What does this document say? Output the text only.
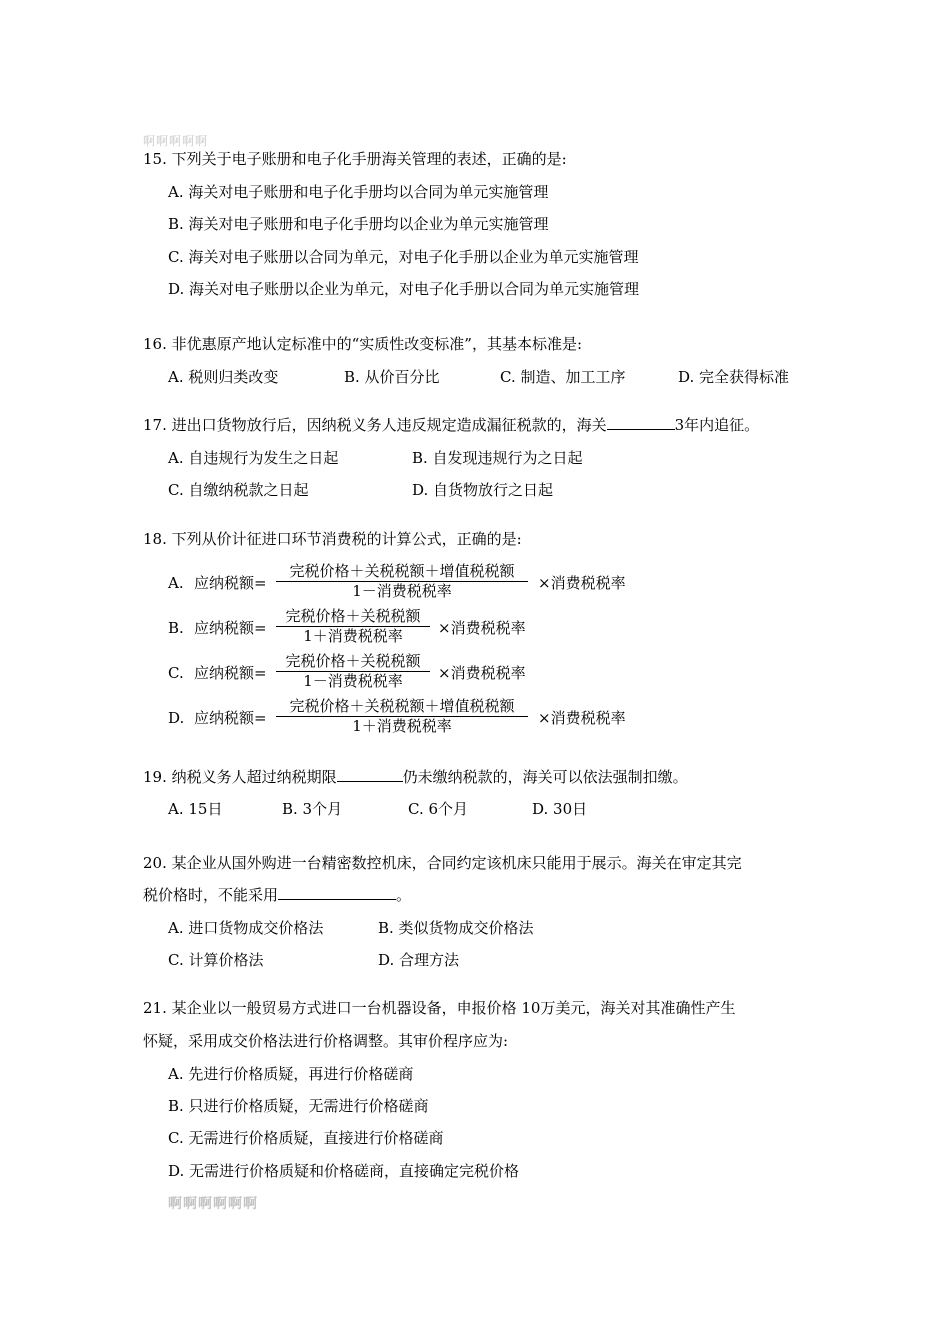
啊啊啊啊啊
15. 下列关于电子账册和电子化手册海关管理的表述，正确的是:
A. 海关对电子账册和电子化手册均以合同为单元实施管理
B. 海关对电子账册和电子化手册均以企业为单元实施管理
C. 海关对电子账册以合同为单元，对电子化手册以企业为单元实施管理
D. 海关对电子账册以企业为单元，对电子化手册以合同为单元实施管理
16. 非优惠原产地认定标准中的“实质性改变标准”，其基本标准是:
A. 税则归类改变	B. 从价百分比	C. 制造、加工工序	D. 完全获得标准
17. 进出口货物放行后，因纳税义务人违反规定造成漏征税款的，海关	3年内追征。
A. 自违规行为发生之日起	B. 自发现违规行为之日起
C. 自缴纳税款之日起	D. 自货物放行之日起
18. 下列从价计征进口环节消费税的计算公式，正确的是:
A. 应纳税额=
完税价格＋关税税额＋增值税税额
1－消费税税率	×消费税税率
B. 应纳税额=
完税价格＋关税税额
1＋消费税税率	×消费税税率
C. 应纳税额=
完税价格＋关税税额
1－消费税税率	×消费税税率
D. 应纳税额=
完税价格＋关税税额＋增值税税额
1＋消费税税率	×消费税税率
19. 纳税义务人超过纳税期限	仍未缴纳税款的，海关可以依法强制扣缴。
A. 15日	B. 3个月	C. 6个月	D. 30日
20. 某企业从国外购进一台精密数控机床，合同约定该机床只能用于展示。海关在审定其完
税价格时，不能采用	。
A. 进口货物成交价格法	B. 类似货物成交价格法
C. 计算价格法	D. 合理方法
21. 某企业以一般贸易方式进口一台机器设备，申报价格 10万美元，海关对其准确性产生
怀疑，采用成交价格法进行价格调整。其审价程序应为:
A. 先进行价格质疑，再进行价格磋商
B. 只进行价格质疑，无需进行价格磋商
C. 无需进行价格质疑，直接进行价格磋商
D. 无需进行价格质疑和价格磋商，直接确定完税价格
啊啊啊啊啊啊
